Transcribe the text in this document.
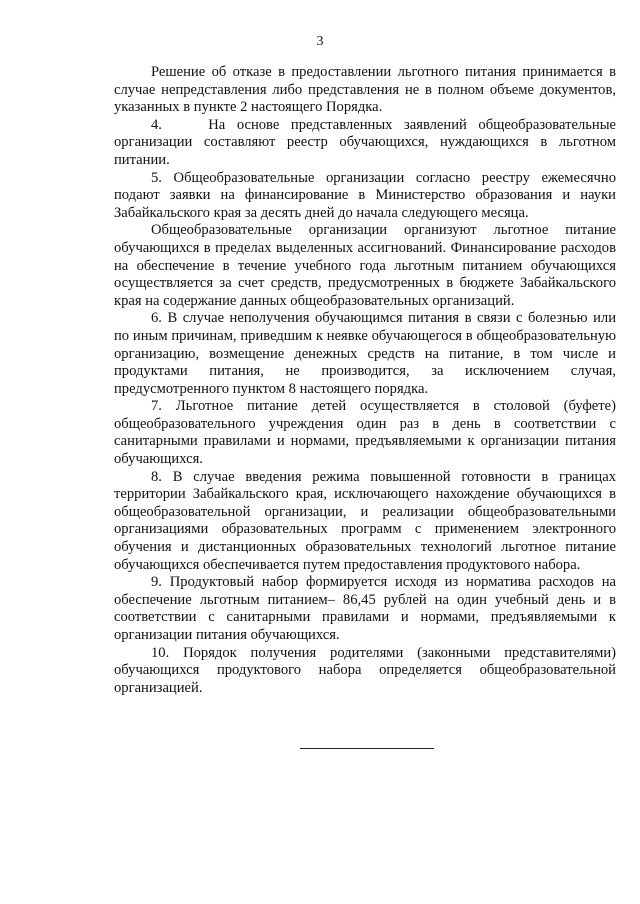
3

Решение об отказе в предоставлении льготного питания принимается в случае непредставления либо представления не в полном объеме документов, указанных в пункте 2 настоящего Порядка.

4.    На основе представленных заявлений общеобразовательные организации составляют реестр обучающихся, нуждающихся в льготном питании.

5. Общеобразовательные организации согласно реестру ежемесячно подают заявки на финансирование в Министерство образования и науки Забайкальского края за десять дней до начала следующего месяца.

Общеобразовательные организации организуют льготное питание обучающихся в пределах выделенных ассигнований. Финансирование расходов на обеспечение в течение учебного года льготным питанием обучающихся осуществляется за счет средств, предусмотренных в бюджете Забайкальского края на содержание данных общеобразовательных организаций.

6. В случае неполучения обучающимся питания в связи с болезнью или по иным причинам, приведшим к неявке обучающегося в общеобразовательную организацию, возмещение денежных средств на питание, в том числе и продуктами питания, не производится, за исключением случая, предусмотренного пунктом 8 настоящего порядка.

7. Льготное питание детей осуществляется в столовой (буфете) общеобразовательного учреждения один раз в день в соответствии с санитарными правилами и нормами, предъявляемыми к организации питания обучающихся.

8. В случае введения режима повышенной готовности в границах территории Забайкальского края, исключающего нахождение обучающихся в общеобразовательной организации, и реализации общеобразовательными организациями образовательных программ с применением электронного обучения и дистанционных образовательных технологий льготное питание обучающихся обеспечивается путем предоставления продуктового набора.

9. Продуктовый набор формируется исходя из норматива расходов на обеспечение льготным питанием– 86,45 рублей на один учебный день и в соответствии с санитарными правилами и нормами, предъявляемыми к организации питания обучающихся.

10. Порядок получения родителями (законными представителями) обучающихся продуктового набора определяется общеобразовательной организацией.
